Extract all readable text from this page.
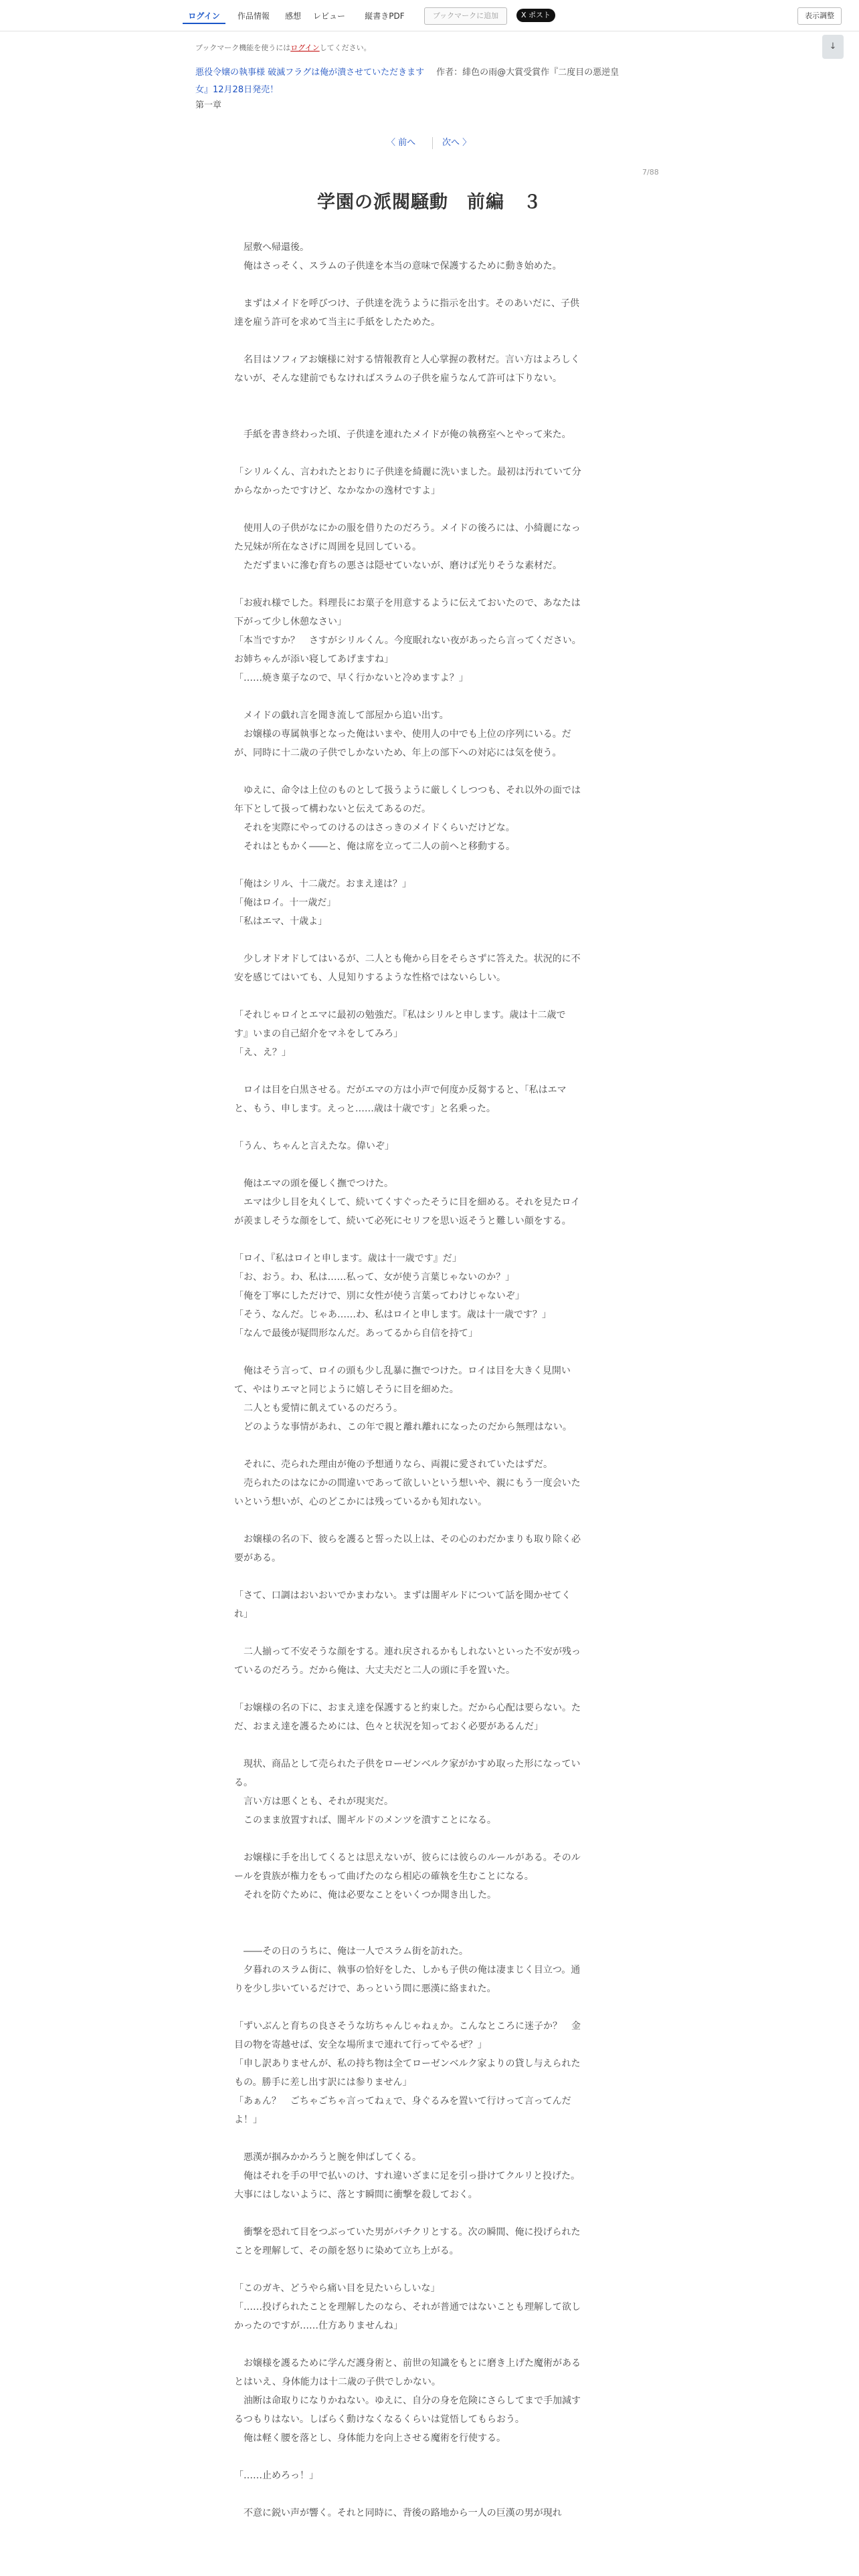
ログイン	作品情報	感想	レビュー	縦書きPDF	ブックマークに追加	X ポスト	表示調整
↓
ブックマーク機能を使うにはログインしてください。
悪役令嬢の執事様 破滅フラグは俺が潰させていただきます 作者：緋色の雨@大賞受賞作『二度目の悪逆皇
女』12月28日発売！
第一章
〈 前へ	次へ 〉
7/88
学園の派閥騒動　前編　３
　屋敷へ帰還後。
　俺はさっそく、スラムの子供達を本当の意味で保護するために動き始めた。
　まずはメイドを呼びつけ、子供達を洗うように指示を出す。そのあいだに、子供
達を雇う許可を求めて当主に手紙をしたためた。
　名目はソフィアお嬢様に対する情報教育と人心掌握の教材だ。言い方はよろしく
ないが、そんな建前でもなければスラムの子供を雇うなんて許可は下りない。
　手紙を書き終わった頃、子供達を連れたメイドが俺の執務室へとやって来た。
「シリルくん、言われたとおりに子供達を綺麗に洗いました。最初は汚れていて分
からなかったですけど、なかなかの逸材ですよ」
　使用人の子供がなにかの服を借りたのだろう。メイドの後ろには、小綺麗になっ
た兄妹が所在なさげに周囲を見回している。
　ただずまいに滲む育ちの悪さは隠せていないが、磨けば光りそうな素材だ。
「お疲れ様でした。料理長にお菓子を用意するように伝えておいたので、あなたは
下がって少し休憩なさい」
「本当ですか？　さすがシリルくん。今度眠れない夜があったら言ってください。
お姉ちゃんが添い寝してあげますね」
「……焼き菓子なので、早く行かないと冷めますよ？」
　メイドの戯れ言を聞き流して部屋から追い出す。
　お嬢様の専属執事となった俺はいまや、使用人の中でも上位の序列にいる。だ
が、同時に十二歳の子供でしかないため、年上の部下への対応には気を使う。
　ゆえに、命令は上位のものとして扱うように厳しくしつつも、それ以外の面では
年下として扱って構わないと伝えてあるのだ。
　それを実際にやってのけるのはさっきのメイドくらいだけどな。
　それはともかく――と、俺は席を立って二人の前へと移動する。
「俺はシリル、十二歳だ。おまえ達は？」
「俺はロイ。十一歳だ」
「私はエマ、十歳よ」
　少しオドオドしてはいるが、二人とも俺から目をそらさずに答えた。状況的に不
安を感じてはいても、人見知りするような性格ではないらしい。
「それじゃロイとエマに最初の勉強だ。『私はシリルと申します。歳は十二歳で
す』いまの自己紹介をマネをしてみろ」
「え、え？」
　ロイは目を白黒させる。だがエマの方は小声で何度か反芻すると、「私はエマ
と、もう、申します。えっと……歳は十歳です」と名乗った。
「うん、ちゃんと言えたな。偉いぞ」
　俺はエマの頭を優しく撫でつけた。
　エマは少し目を丸くして、続いてくすぐったそうに目を細める。それを見たロイ
が羨ましそうな顔をして、続いて必死にセリフを思い返そうと難しい顔をする。
「ロイ、『私はロイと申します。歳は十一歳です』だ」
「お、おう。わ、私は……私って、女が使う言葉じゃないのか？」
「俺を丁寧にしただけで、別に女性が使う言葉ってわけじゃないぞ」
「そう、なんだ。じゃあ……わ、私はロイと申します。歳は十一歳です？」
「なんで最後が疑問形なんだ。あってるから自信を持て」
　俺はそう言って、ロイの頭も少し乱暴に撫でつけた。ロイは目を大きく見開い
て、やはりエマと同じように嬉しそうに目を細めた。
　二人とも愛情に飢えているのだろう。
　どのような事情があれ、この年で親と離れ離れになったのだから無理はない。
　それに、売られた理由が俺の予想通りなら、両親に愛されていたはずだ。
　売られたのはなにかの間違いであって欲しいという想いや、親にもう一度会いた
いという想いが、心のどこかには残っているかも知れない。
　お嬢様の名の下、彼らを護ると誓った以上は、その心のわだかまりも取り除く必
要がある。
「さて、口調はおいおいでかまわない。まずは闇ギルドについて話を聞かせてく
れ」
　二人揃って不安そうな顔をする。連れ戻されるかもしれないといった不安が残っ
ているのだろう。だから俺は、大丈夫だと二人の頭に手を置いた。
「お嬢様の名の下に、おまえ達を保護すると約束した。だから心配は要らない。た
だ、おまえ達を護るためには、色々と状況を知っておく必要があるんだ」
　現状、商品として売られた子供をローゼンベルク家がかすめ取った形になってい
る。
　言い方は悪くとも、それが現実だ。
　このまま放置すれば、闇ギルドのメンツを潰すことになる。
　お嬢様に手を出してくるとは思えないが、彼らには彼らのルールがある。そのル
ールを貴族が権力をもって曲げたのなら相応の確執を生むことになる。
　それを防ぐために、俺は必要なことをいくつか聞き出した。
　――その日のうちに、俺は一人でスラム街を訪れた。
　夕暮れのスラム街に、執事の恰好をした、しかも子供の俺は凄まじく目立つ。通
りを少し歩いているだけで、あっという間に悪漢に絡まれた。
「ずいぶんと育ちの良さそうな坊ちゃんじゃねぇか。こんなところに迷子か？　金
目の物を寄越せば、安全な場所まで連れて行ってやるぜ？」
「申し訳ありませんが、私の持ち物は全てローゼンベルク家よりの貸し与えられた
もの。勝手に差し出す訳には参りません」
「あぁん？　ごちゃごちゃ言ってねぇで、身ぐるみを置いて行けって言ってんだ
よ！」
　悪漢が掴みかかろうと腕を伸ばしてくる。
　俺はそれを手の甲で払いのけ、すれ違いざまに足を引っ掛けてクルリと投げた。
大事にはしないように、落とす瞬間に衝撃を殺しておく。
　衝撃を恐れて目をつぶっていた男がパチクリとする。次の瞬間、俺に投げられた
ことを理解して、その顔を怒りに染めて立ち上がる。
「このガキ、どうやら痛い目を見たいらしいな」
「……投げられたことを理解したのなら、それが普通ではないことも理解して欲し
かったのですが……仕方ありませんね」
　お嬢様を護るために学んだ護身術と、前世の知識をもとに磨き上げた魔術がある
とはいえ、身体能力は十二歳の子供でしかない。
　油断は命取りになりかねない。ゆえに、自分の身を危険にさらしてまで手加減す
るつもりはない。しばらく動けなくなるくらいは覚悟してもらおう。
　俺は軽く腰を落とし、身体能力を向上させる魔術を行使する。
「……止めろっ！」
　不意に鋭い声が響く。それと同時に、背後の路地から一人の巨漢の男が現れ
